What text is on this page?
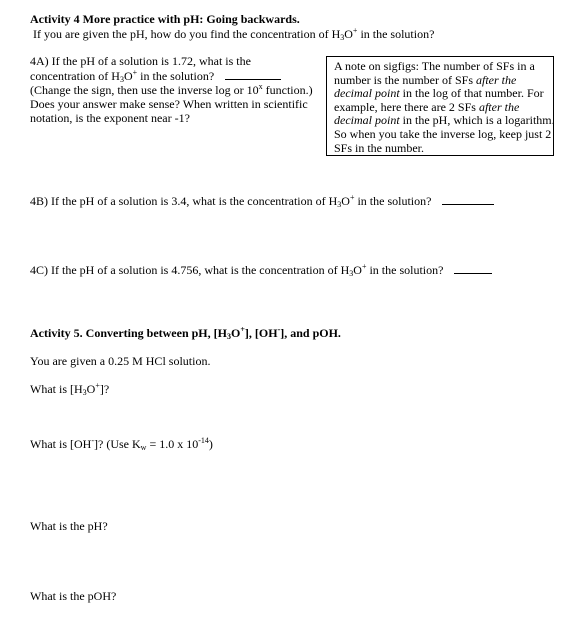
Activity 4 More practice with pH: Going backwards.
If you are given the pH, how do you find the concentration of $H_3O^+$ in the solution?
4A) If the pH of a solution is 1.72, what is the
concentration of $H_3O^+$ in the solution?
(Change the sign, then use the inverse log or 10$^x$ function.)
Does your answer make sense? When written in scientific
notation, is the exponent near -1?
A note on sigfigs: The number of SFs in a
number is the number of SFs after the
decimal point in the log of that number. For
example, here there are 2 SFs after the
decimal point in the pH, which is a logarithm.
So when you take the inverse log, keep just 2
SFs in the number.
4B) If the pH of a solution is 3.4, what is the concentration of $H_3O^+$ in the solution?
4C) If the pH of a solution is 4.756, what is the concentration of $H_3O^+$ in the solution?
Activity 5. Converting between pH, $[H_3O^+]$, [OH-], and pOH.
You are given a 0.25 M HCl solution.
What is $[H_3O^+]$?
What is [OH-]? (Use $K_w = 1.0$ x $10^{-14}$)
What is the pH?
What is the pOH?
